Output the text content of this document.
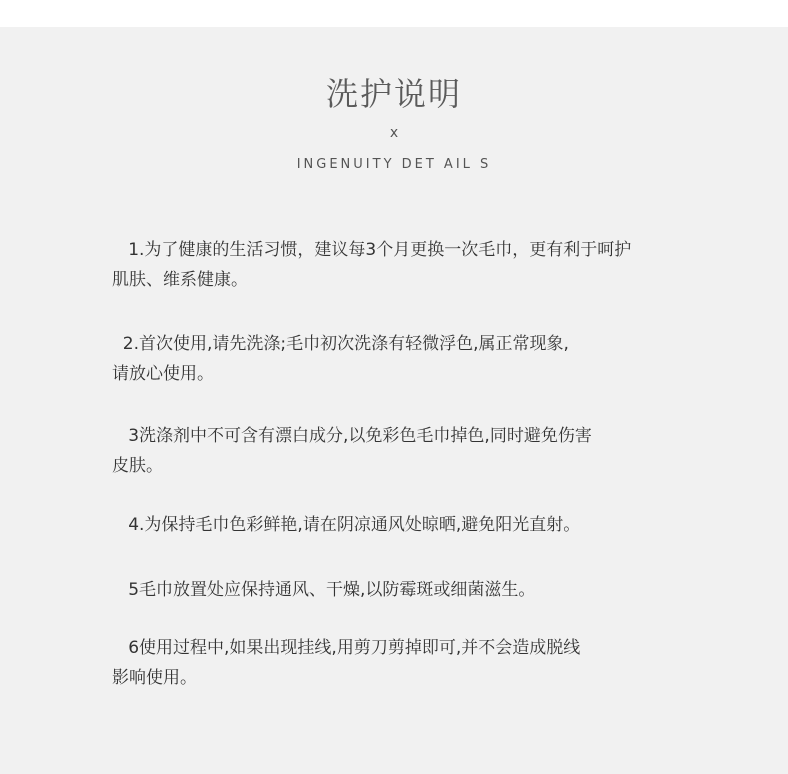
洗护说明
x
INGENUITY DET AIL S
1.为了健康的生活习惯，建议每3个月更换一次毛巾，更有利于呵护
肌肤、维系健康。
2.首次使用,请先洗涤;毛巾初次洗涤有轻微浮色,属正常现象,
请放心使用。
3洗涤剂中不可含有漂白成分,以免彩色毛巾掉色,同时避免伤害
皮肤。
4.为保持毛巾色彩鲜艳,请在阴凉通风处晾晒,避免阳光直射。
5毛巾放置处应保持通风、干燥,以防霉斑或细菌滋生。
6使用过程中,如果出现挂线,用剪刀剪掉即可,并不会造成脱线
影响使用。
